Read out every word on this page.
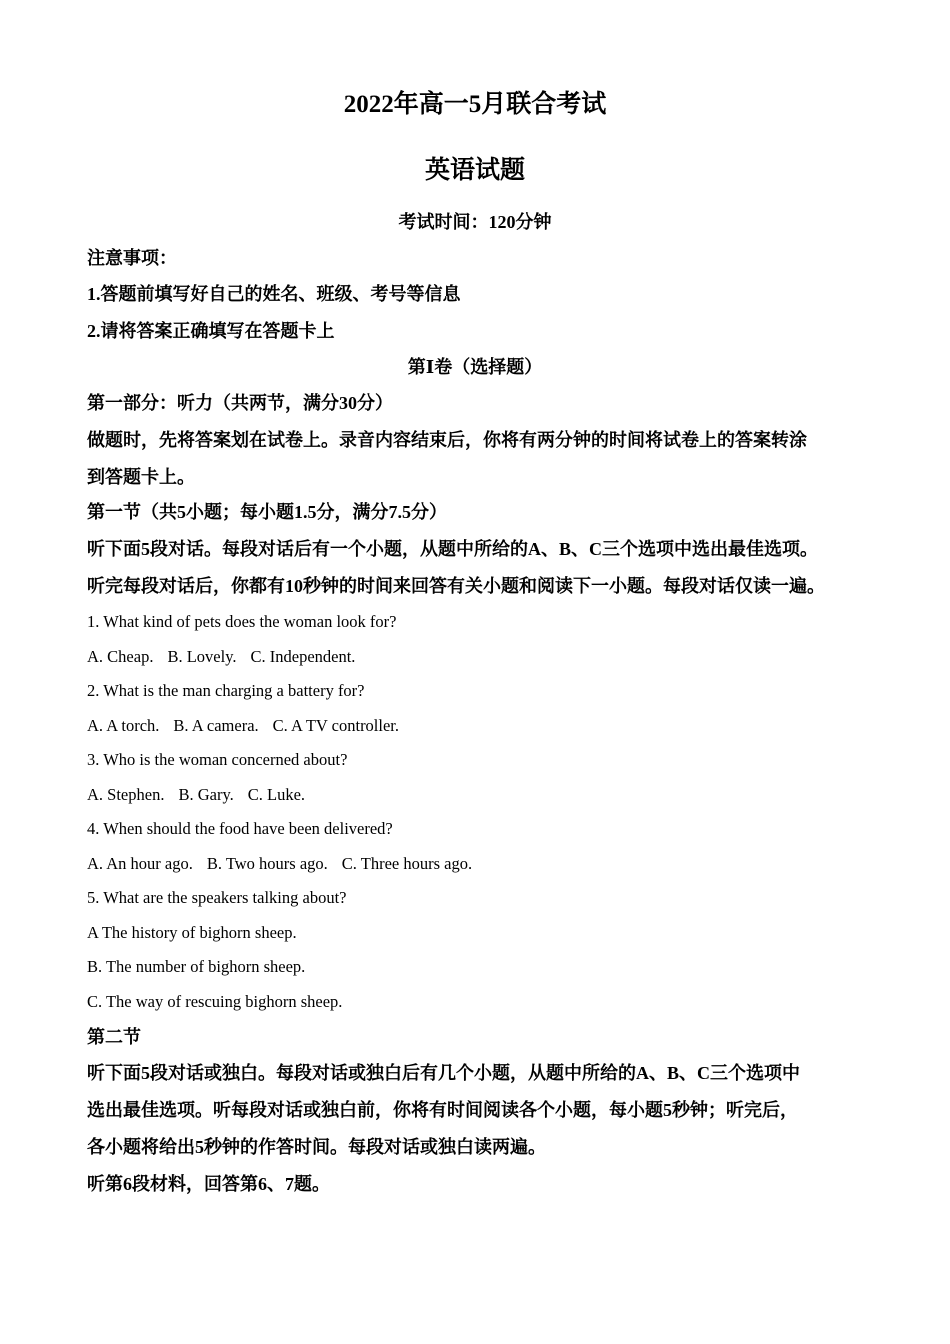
2022年高一5月联合考试
英语试题
考试时间：120分钟
注意事项：
1.答题前填写好自己的姓名、班级、考号等信息
2.请将答案正确填写在答题卡上
第Ⅰ卷（选择题）
第一部分：听力（共两节，满分30分）
做题时，先将答案划在试卷上。录音内容结束后，你将有两分钟的时间将试卷上的答案转涂
到答题卡上。
第一节（共5小题；每小题1.5分，满分7.5分）
听下面5段对话。每段对话后有一个小题，从题中所给的A、B、C三个选项中选出最佳选项。
听完每段对话后，你都有10秒钟的时间来回答有关小题和阅读下一小题。每段对话仅读一遍。
1. What kind of pets does the woman look for?
A. Cheap. B. Lovely. C. Independent.
2. What is the man charging a battery for?
A. A torch. B. A camera. C. A TV controller.
3. Who is the woman concerned about?
A. Stephen. B. Gary. C. Luke.
4. When should the food have been delivered?
A. An hour ago. B. Two hours ago. C. Three hours ago.
5. What are the speakers talking about?
A The history of bighorn sheep.
B. The number of bighorn sheep.
C. The way of rescuing bighorn sheep.
第二节
听下面5段对话或独白。每段对话或独白后有几个小题，从题中所给的A、B、C三个选项中
选出最佳选项。听每段对话或独白前，你将有时间阅读各个小题，每小题5秒钟；听完后，
各小题将给出5秒钟的作答时间。每段对话或独白读两遍。
听第6段材料，回答第6、7题。
